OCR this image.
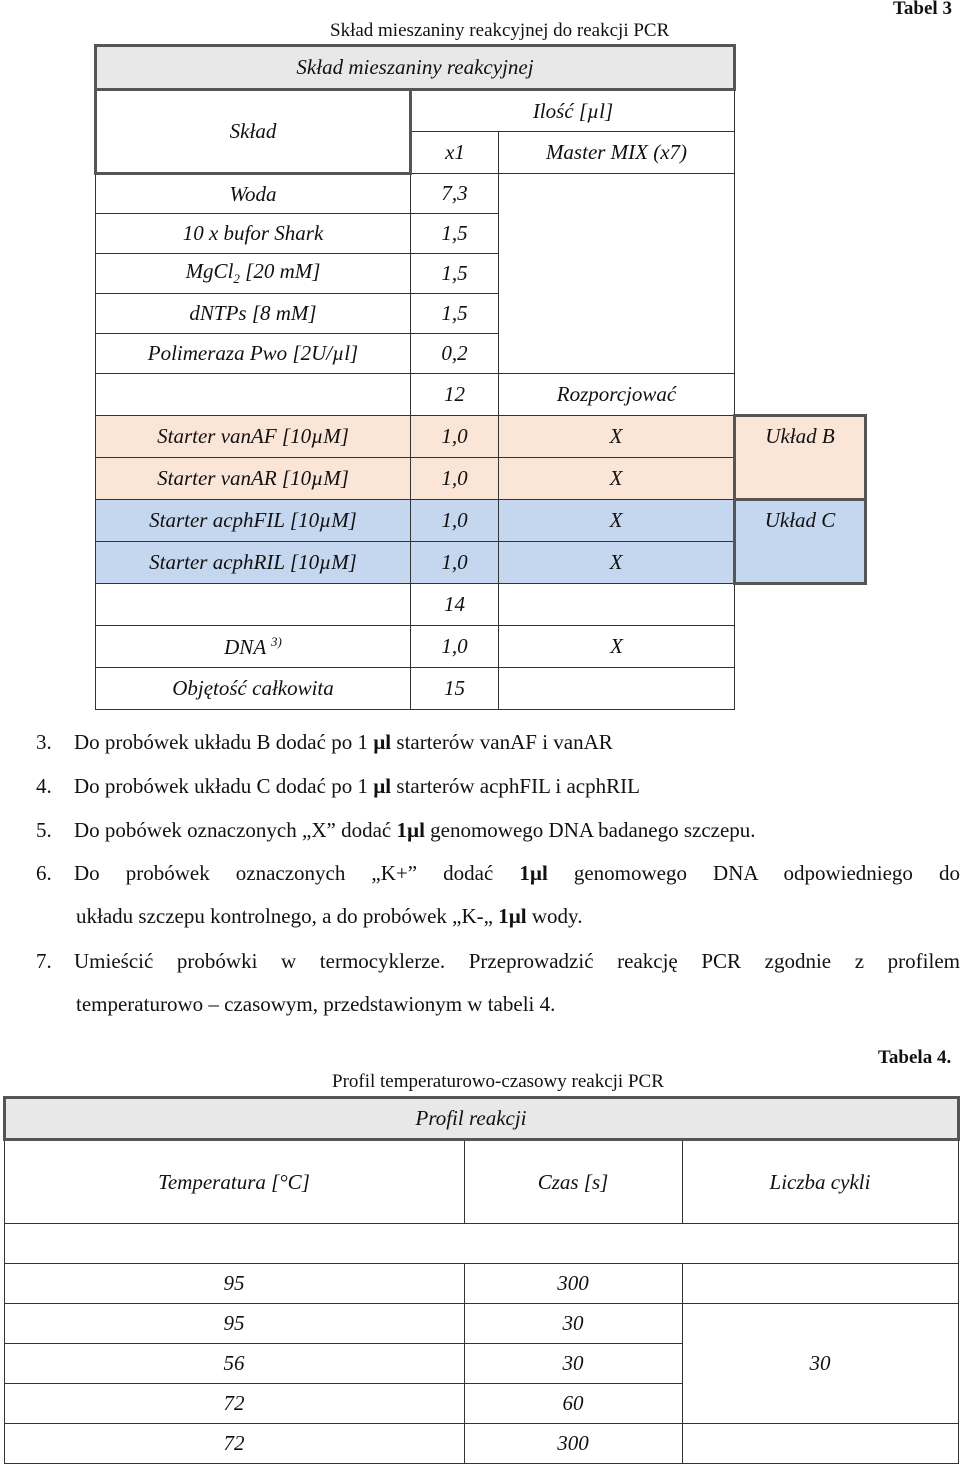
Tabel 3
Skład mieszaniny reakcyjnej do reakcji PCR
Skład mieszaniny reakcyjnej			
Skład	Ilość [µl]		
	x1	Master MIX (x7)	
Woda	7,3		
10 x bufor Shark	1,5		
MgCl$_2$ [20 mM]	1,5		
dNTPs [8 mM]	1,5		
Polimeraza Pwo [2U/µl]	0,2		
	12	Rozporcjować	
Starter vanAF [10µM]	1,0	X	Układ B
Starter vanAR [10µM]	1,0	X	
Starter acphFIL [10µM]	1,0	X	Układ C
Starter acphRIL [10µM]	1,0	X	
	14		
DNA $^{3)}$	1,0	X	
Objętość całkowita	15		
3. Do probówek układu B dodać po 1 µl starterów vanAF i vanAR
4. Do probówek układu C dodać po 1 µl starterów acphFIL i acphRIL
5. Do pobówek oznaczonych „X” dodać 1µl genomowego DNA badanego szczepu.
6. Do probówek oznaczonych „K+” dodać 1µl genomowego DNA odpowiedniego do
układu szczepu kontrolnego, a do probówek „K-„ 1µl wody.
7. Umieścić probówki w termocyklerze. Przeprowadzić reakcję PCR zgodnie z profilem
temperaturowo – czasowym, przedstawionym w tabeli 4.
Tabela 4.
Profil temperaturowo-czasowy reakcji PCR
	Profil reakcji		
	Temperatura [°C]	Czas [s]	Liczba cykli

	95	300	
	95	30	30
	56	30	
	72	60	
	72	300	
